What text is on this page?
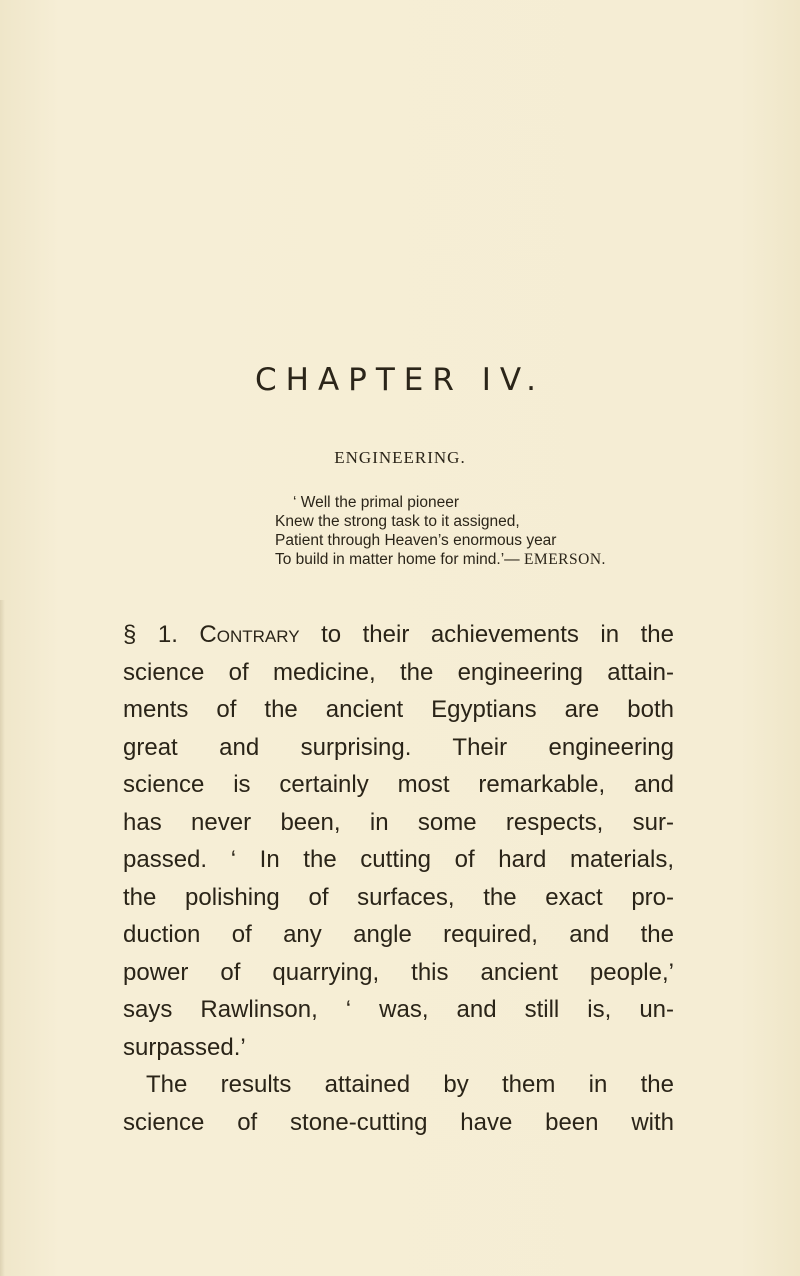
CHAPTER IV.
ENGINEERING.
‘ Well the primal pioneer
Knew the strong task to it assigned,
Patient through Heaven’s enormous year
To build in matter home for mind.’— EMERSON.
§ 1. Contrary to their achievements in the
science of medicine, the engineering attain-
ments of the ancient Egyptians are both
great and surprising. Their engineering
science is certainly most remarkable, and
has never been, in some respects, sur-
passed. ‘ In the cutting of hard materials,
the polishing of surfaces, the exact pro-
duction of any angle required, and the
power of quarrying, this ancient people,’
says Rawlinson, ‘ was, and still is, un-
surpassed.’
The results attained by them in the
science of stone-cutting have been with
